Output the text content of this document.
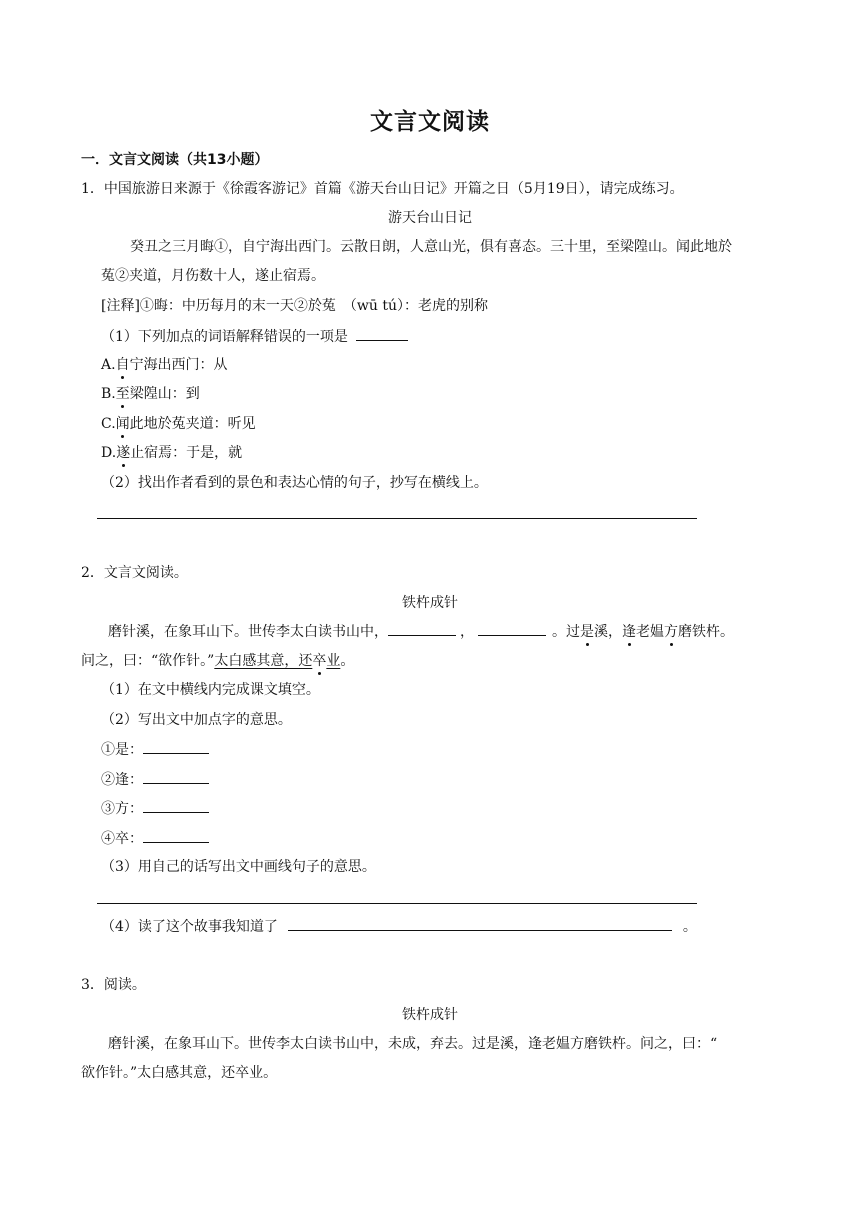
文言文阅读
一．文言文阅读（共13小题）
1．中国旅游日来源于《徐霞客游记》首篇《游天台山日记》开篇之日（5月19日），请完成练习。
游天台山日记
癸丑之三月晦①，自宁海出西门。云散日朗，人意山光，俱有喜态。三十里，至梁隍山。闻此地於
菟②夹道，月伤数十人，遂止宿焉。
[注释]①晦：中历每月的末一天②於菟　（wū tú）：老虎的别称
（1）下列加点的词语解释错误的一项是
A.自宁海出西门：从
B.至梁隍山：到
C.闻此地於菟夹道：听见
D.遂止宿焉：于是，就
（2）找出作者看到的景色和表达心情的句子，抄写在横线上。
2．文言文阅读。
铁杵成针
磨针溪，在象耳山下。世传李太白读书山中，	，	。过是溪，逢老媪方磨铁杵。
问之，曰：“欲作针。”太白感其意，还卒业。
（1）在文中横线内完成课文填空。
（2）写出文中加点字的意思。
①是：
②逢：
③方：
④卒：
（3）用自己的话写出文中画线句子的意思。
（4）读了这个故事我知道了	。
3．阅读。
铁杵成针
磨针溪，在象耳山下。世传李太白读书山中，未成，弃去。过是溪，逢老媪方磨铁杵。问之，曰：“
欲作针。”太白感其意，还卒业。
